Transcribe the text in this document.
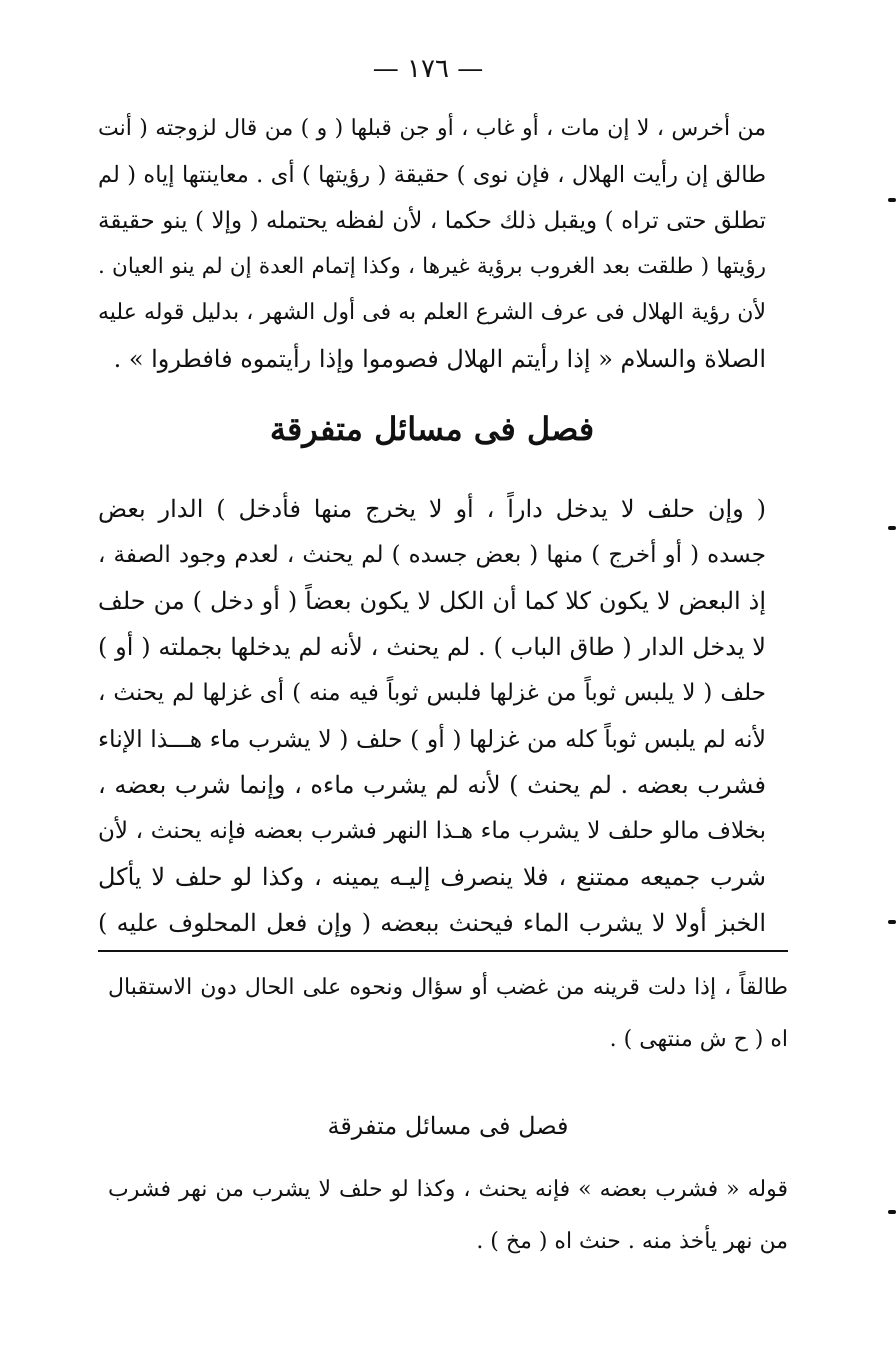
— ١٧٦ —
من أخرس ، لا إن مات ، أو غاب ، أو جن قبلها ( و ) من قال لزوجته ( أنت
طالق إن رأيت الهلال ، فإن نوى ) حقيقة ( رؤيتها ) أى . معاينتها إياه ( لم
تطلق حتى تراه ) ويقبل ذلك حكما ، لأن لفظه يحتمله ( وإلا ) ينو حقيقة
رؤيتها ( طلقت بعد الغروب برؤية غيرها ، وكذا إتمام العدة إن لم ينو العيان .
لأن رؤية الهلال فى عرف الشرع العلم به فى أول الشهر ، بدليل قوله عليه
الصلاة والسلام « إذا رأيتم الهلال فصوموا وإذا رأيتموه فافطروا » .
فصل فى مسائل متفرقة
( وإن حلف لا يدخل داراً ، أو لا يخرج منها فأدخل ) الدار بعض
جسده ( أو أخرج ) منها ( بعض جسده ) لم يحنث ، لعدم وجود الصفة ،
إذ البعض لا يكون كلا كما أن الكل لا يكون بعضاً ( أو دخل ) من حلف
لا يدخل الدار ( طاق الباب ) . لم يحنث ، لأنه لم يدخلها بجملته ( أو )
حلف ( لا يلبس ثوباً من غزلها فلبس ثوباً فيه منه ) أى غزلها لم يحنث ،
لأنه لم يلبس ثوباً كله من غزلها ( أو ) حلف ( لا يشرب ماء هـــذا الإناء
فشرب بعضه . لم يحنث ) لأنه لم يشرب ماءه ، وإنما شرب بعضه ،
بخلاف مالو حلف لا يشرب ماء هـذا النهر فشرب بعضه فإنه يحنث ، لأن
شرب جميعه ممتنع ، فلا ينصرف إليـه يمينه ، وكذا لو حلف لا يأكل
الخبز أولا لا يشرب الماء فيحنث ببعضه ( وإن فعل المحلوف عليه )
طالقاً ، إذا دلت قرينه من غضب أو سؤال ونحوه على الحال دون الاستقبال
اه ( ح ش منتهى ) .
فصل فى مسائل متفرقة
قوله « فشرب بعضه » فإنه يحنث ، وكذا لو حلف لا يشرب من نهر فشرب
من نهر يأخذ منه . حنث اه ( مخ ) .
